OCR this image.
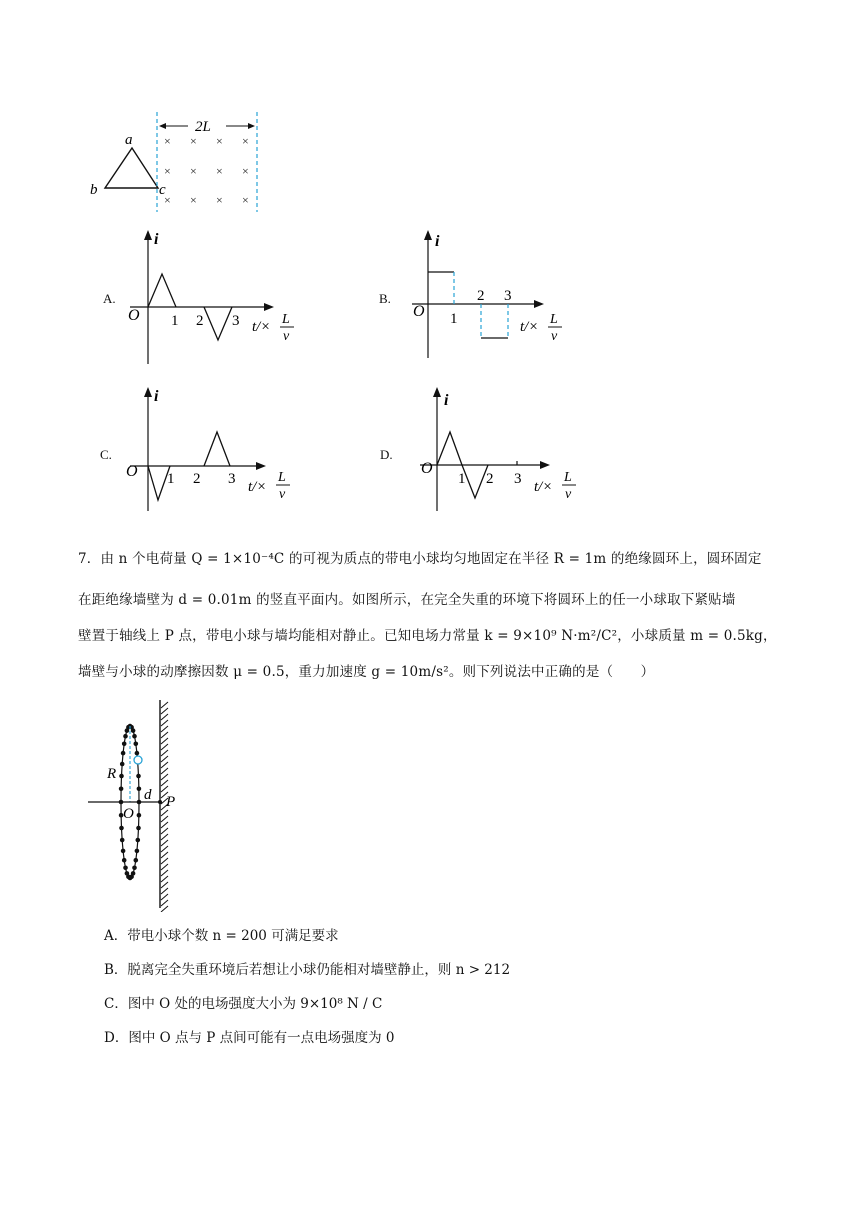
a
b	c
2L
× × × ×
× × × ×
× × × ×
A.
i
O 1 2 3 t/× L
v
B.
i
O 1
2 3
t/× L
v
C.
i
O 1 2 3 t/×
L
v
D.
i
O
1 2 3 t/×
L
v
7．由 n 个电荷量 Q = 1×10⁻⁴C 的可视为质点的带电小球均匀地固定在半径 R = 1m 的绝缘圆环上，圆环固定
在距绝缘墙壁为 d = 0.01m 的竖直平面内。如图所示，在完全失重的环境下将圆环上的任一小球取下紧贴墙
壁置于轴线上 P 点，带电小球与墙均能相对静止。已知电场力常量 k = 9×10⁹ N·m²/C²，小球质量 m = 0.5kg，
墙壁与小球的动摩擦因数 μ = 0.5，重力加速度 g = 10m/s²。则下列说法中正确的是（　　）
R
O
d P
A．带电小球个数 n = 200 可满足要求
B．脱离完全失重环境后若想让小球仍能相对墙壁静止，则 n > 212
C．图中 O 处的电场强度大小为 9×10⁸ N / C
D．图中 O 点与 P 点间可能有一点电场强度为 0
